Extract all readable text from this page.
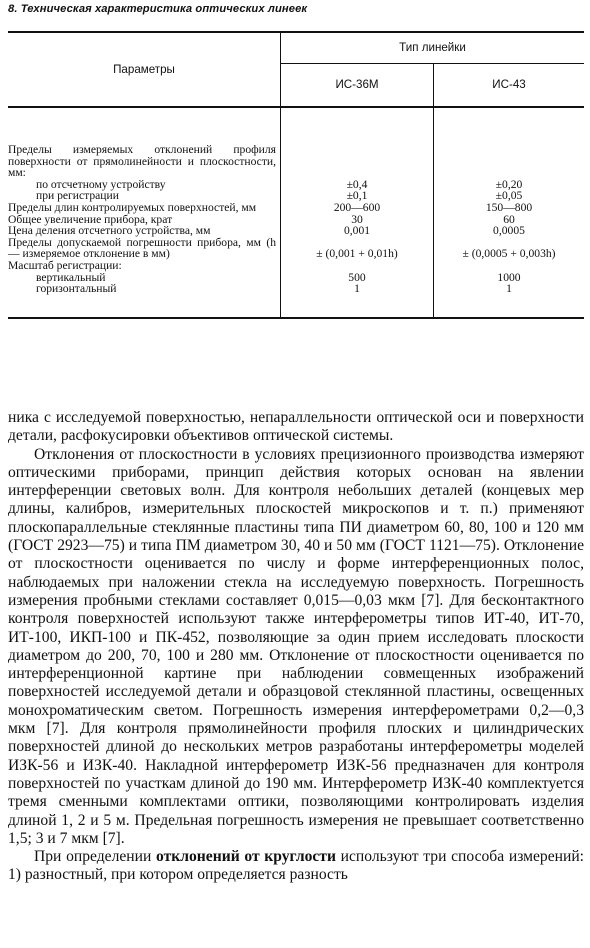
8. Техническая характеристика оптических линеек
Параметры	Тип линейки	
	ИС-36М	ИС-43

Пределы измеряемых отклонений профиля поверхности от прямолинейности и плоскостности, мм:		
по отсчетному устройству	±0,4	±0,20
при регистрации	±0,1	±0,05
Пределы длин контролируемых поверхностей, мм	200—600	150—800
Общее увеличение прибора, крат	30	60
Цена деления отсчетного устройства, мм	0,001	0,0005
Пределы допускаемой погрешности прибора, мм (h — измеряемое отклонение в мм)	± (0,001 + 0,01h)	± (0,0005 + 0,003h)
Масштаб регистрации:		
вертикальный	500	1000
горизонтальный	1	1

ника с исследуемой поверхностью, непараллельности оптической оси и поверхности детали, расфокусировки объективов оптической системы.

Отклонения от плоскостности в условиях прецизионного производства измеряют оптическими приборами, принцип действия которых основан на явлении интерференции световых волн. Для контроля небольших деталей (концевых мер длины, калибров, измерительных плоскостей микроскопов и т. п.) применяют плоскопараллельные стеклянные пластины типа ПИ диаметром 60, 80, 100 и 120 мм (ГОСТ 2923—75) и типа ПМ диаметром 30, 40 и 50 мм (ГОСТ 1121—75). Отклонение от плоскостности оценивается по числу и форме интерференционных полос, наблюдаемых при наложении стекла на исследуемую поверхность. Погрешность измерения пробными стеклами составляет 0,015—0,03 мкм [7]. Для бесконтактного контроля поверхностей используют также интерферометры типов ИТ-40, ИТ-70, ИТ-100, ИКП-100 и ПК-452, позволяющие за один прием исследовать плоскости диаметром до 200, 70, 100 и 280 мм. Отклонение от плоскостности оценивается по интерференционной картине при наблюдении совмещенных изображений поверхностей исследуемой детали и образцовой стеклянной пластины, освещенных монохроматическим светом. Погрешность измерения интерферометрами 0,2—0,3 мкм [7]. Для контроля прямолинейности профиля плоских и цилиндрических поверхностей длиной до нескольких метров разработаны интерферометры моделей ИЗК-56 и ИЗК-40. Накладной интерферометр ИЗК-56 предназначен для контроля поверхностей по участкам длиной до 190 мм. Интерферометр ИЗК-40 комплектуется тремя сменными комплектами оптики, позволяющими контролировать изделия длиной 1, 2 и 5 м. Предельная погрешность измерения не превышает соответственно 1,5; 3 и 7 мкм [7].

При определении отклонений от круглости используют три способа измерений: 1) разностный, при котором определяется разность
